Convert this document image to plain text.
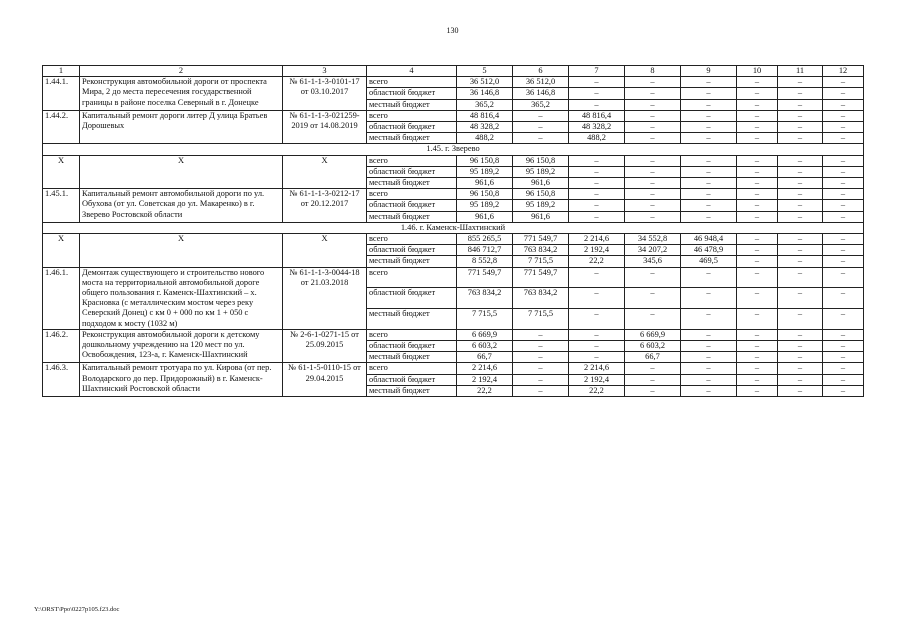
130
1	2	3	4	5	6	7	8	9	10	11	12
1.44.1.	Реконструкция автомобильной дороги от проспекта Мира, 2 до места пересечения государственной границы в районе поселка Северный в г. Донецке	№ 61-1-1-3-0101-17 от 03.10.2017	всего	36 512,0	36 512,0	–	–	–	–	–	–
			областной бюджет	36 146,8	36 146,8	–	–	–	–	–	–
			местный бюджет	365,2	365,2	–	–	–	–	–	–
1.44.2.	Капитальный ремонт дороги литер Д улица Братьев Дорошевых	№ 61-1-1-3-021259-2019 от 14.08.2019	всего	48 816,4	–	48 816,4	–	–	–	–	–
			областной бюджет	48 328,2	–	48 328,2	–	–	–	–	–
			местный бюджет	488,2	–	488,2	–	–	–	–	–
1.45. г. Зверево											
X	X	X	всего	96 150,8	96 150,8	–	–	–	–	–	–
			областной бюджет	95 189,2	95 189,2	–	–	–	–	–	–
			местный бюджет	961,6	961,6	–	–	–	–	–	–
1.45.1.	Капитальный ремонт автомобильной дороги по ул. Обухова (от ул. Советская до ул. Макаренко) в г. Зверево Ростовской области	№ 61-1-1-3-0212-17 от 20.12.2017	всего	96 150,8	96 150,8	–	–	–	–	–	–
			областной бюджет	95 189,2	95 189,2	–	–	–	–	–	–
			местный бюджет	961,6	961,6	–	–	–	–	–	–
1.46. г. Каменск-Шахтинский											
X	X	X	всего	855 265,5	771 549,7	2 214,6	34 552,8	46 948,4	–	–	–
			областной бюджет	846 712,7	763 834,2	2 192,4	34 207,2	46 478,9	–	–	–
			местный бюджет	8 552,8	7 715,5	22,2	345,6	469,5	–	–	–
1.46.1.	Демонтаж существующего и строительство нового моста на территориальной автомобильной дороге общего пользования г. Каменск-Шахтинский – х. Красновка (с металлическим мостом через реку Северский Донец) с км 0 + 000 по км 1 + 050 с подходом к мосту (1032 м)	№ 61-1-1-3-0044-18 от 21.03.2018	всего	771 549,7	771 549,7	–	–	–	–	–	–
			областной бюджет	763 834,2	763 834,2	–	–	–	–	–	–
			местный бюджет	7 715,5	7 715,5	–	–	–	–	–	–
1.46.2.	Реконструкция автомобильной дороги к детскому дошкольному учреждению на 120 мест по ул. Освобождения, 123-а, г. Каменск-Шахтинский	№ 2-6-1-0271-15 от 25.09.2015	всего	6 669,9	–	–	6 669,9	–	–	–	–
			областной бюджет	6 603,2	–	–	6 603,2	–	–	–	–
			местный бюджет	66,7	–	–	66,7	–	–	–	–
1.46.3.	Капитальный ремонт тротуара по ул. Кирова (от пер. Володарского до пер. Придорожный) в г. Каменск-Шахтинский Ростовской области	№ 61-1-5-0110-15 от 29.04.2015	всего	2 214,6	–	2 214,6	–	–	–	–	–
			областной бюджет	2 192,4	–	2 192,4	–	–	–	–	–
			местный бюджет	22,2	–	22,2	–	–	–	–	–
Y:\ORST\Ppo\0227p105.f23.doc
